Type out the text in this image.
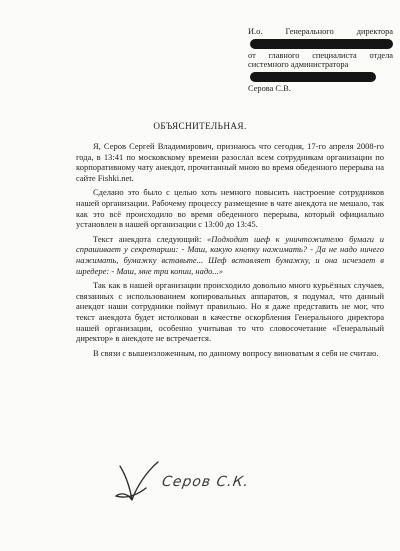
И.о. Генерального директора
от главного специалиста отдела
системного администратора
Серова С.В.
ОБЪЯСНИТЕЛЬНАЯ.

Я, Серов Сергей Владимирович, признаюсь что сегодня, 17-го апреля 2008-го года, в 13:41 по московскому времени разослал всем сотрудникам организации по корпоративному чату анекдот, прочитанный мною во время обеденного перерыва на сайте Fishki.net.

Сделано это было с целью хоть немного повысить настроение сотрудников нашей организации. Рабочему процессу размещение в чате анекдота не мешало, так как это всё происходило во время обеденного перерыва, который официально установлен в нашей организации с 13:00 до 13:45.

Текст анекдота следующий: «Подходит шеф к уничтожителю бумаги и спрашивает у секретарши: - Маш, какую кнопку нажимать? - Да не надо ничего нажимать, бумажку вставьте... Шеф вставляет бумажку, и она исчезает в шредере: - Маш, мне три копии, надо...»

Так как в нашей организации происходило довольно много курьёзных случаев, связанных с использованием копировальных аппаратов, я подумал, что данный анекдот наши сотрудники поймут правильно. Но я даже представить не мог, что текст анекдота будет истолкован в качестве оскорбления Генерального директора нашей организации, особенно учитывая то что словосочетание «Генеральный директор» в анекдоте не встречается.

В связи с вышеизложенным, по данному вопросу виноватым я себя не считаю.

Серов С.К.
